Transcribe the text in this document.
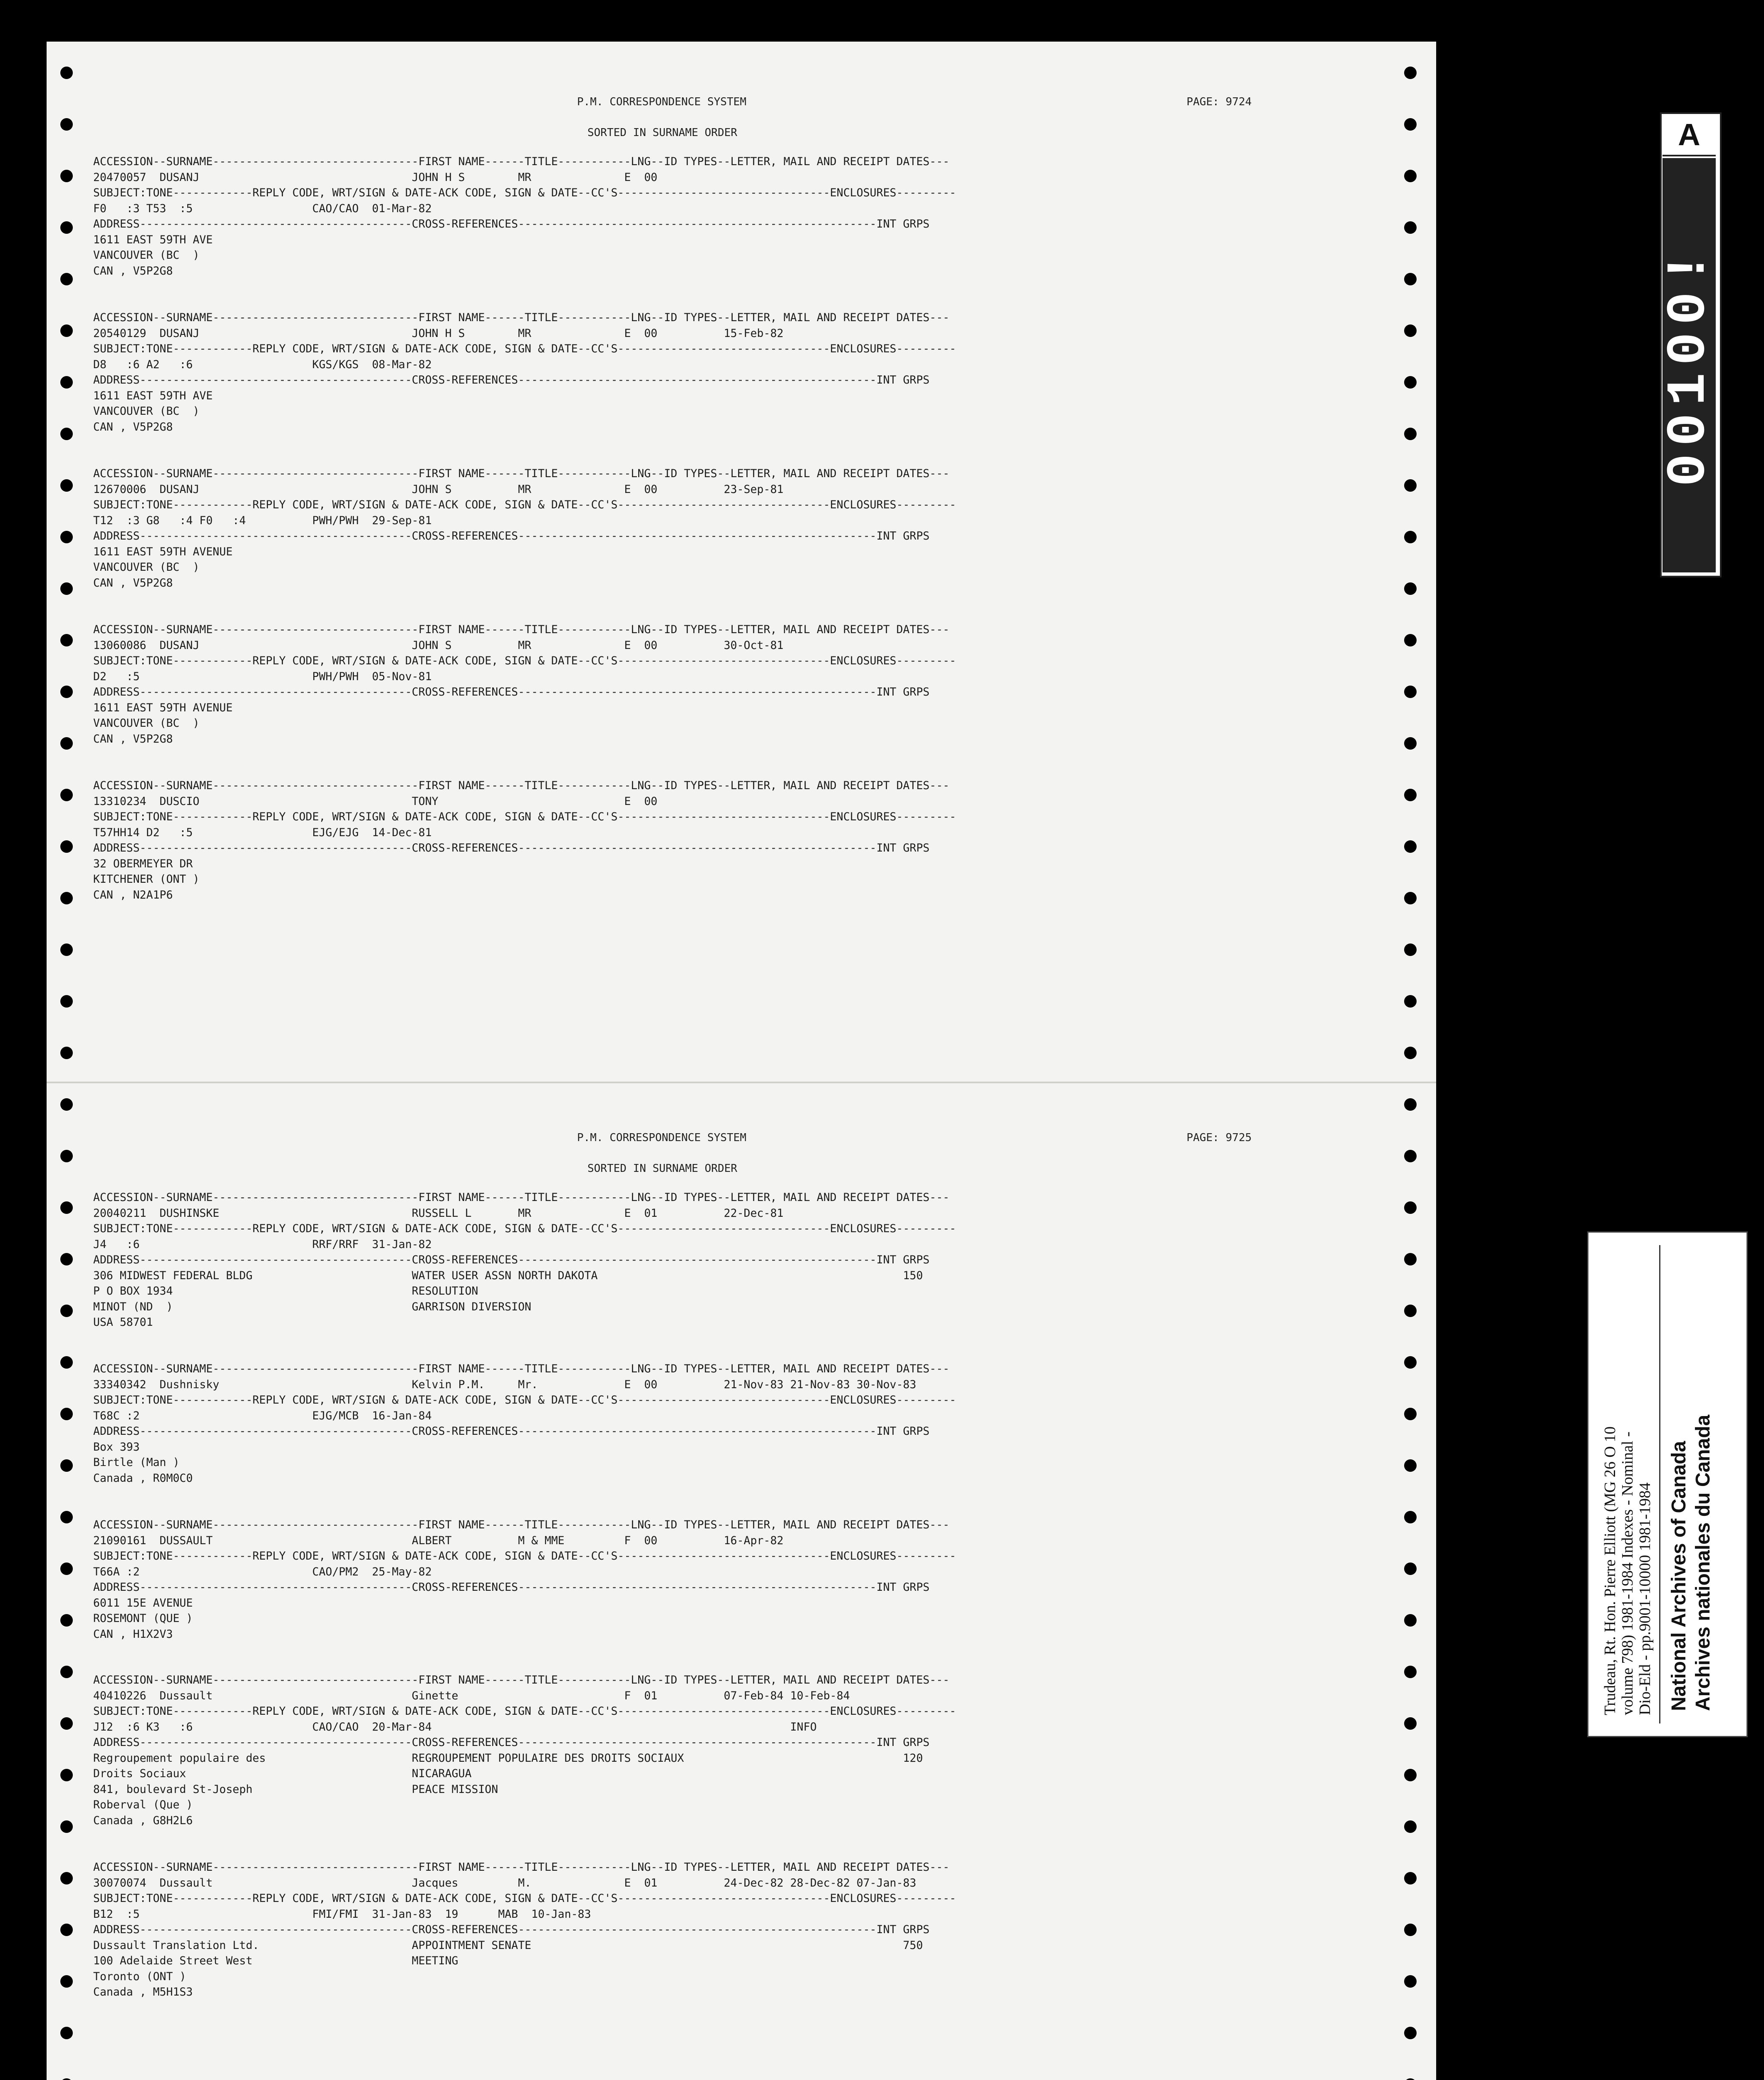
P.M. CORRESPONDENCE SYSTEM

	PAGE: 9724

SORTED IN SURNAME ORDER

ACCESSION--SURNAME-------------------------------FIRST NAME------TITLE-----------LNG--ID TYPES--LETTER, MAIL AND RECEIPT DATES---
20470057  DUSANJ                                JOHN H S        MR              E  00
SUBJECT:TONE------------REPLY CODE, WRT/SIGN & DATE-ACK CODE, SIGN & DATE--CC'S--------------------------------ENCLOSURES---------
F0   :3 T53  :5                  CAO/CAO  01-Mar-82
ADDRESS-----------------------------------------CROSS-REFERENCES------------------------------------------------------INT GRPS
1611 EAST 59TH AVE
VANCOUVER (BC  )
CAN , V5P2G8
ACCESSION--SURNAME-------------------------------FIRST NAME------TITLE-----------LNG--ID TYPES--LETTER, MAIL AND RECEIPT DATES---
20540129  DUSANJ                                JOHN H S        MR              E  00          15-Feb-82
SUBJECT:TONE------------REPLY CODE, WRT/SIGN & DATE-ACK CODE, SIGN & DATE--CC'S--------------------------------ENCLOSURES---------
D8   :6 A2   :6                  KGS/KGS  08-Mar-82
ADDRESS-----------------------------------------CROSS-REFERENCES------------------------------------------------------INT GRPS
1611 EAST 59TH AVE
VANCOUVER (BC  )
CAN , V5P2G8
ACCESSION--SURNAME-------------------------------FIRST NAME------TITLE-----------LNG--ID TYPES--LETTER, MAIL AND RECEIPT DATES---
12670006  DUSANJ                                JOHN S          MR              E  00          23-Sep-81
SUBJECT:TONE------------REPLY CODE, WRT/SIGN & DATE-ACK CODE, SIGN & DATE--CC'S--------------------------------ENCLOSURES---------
T12  :3 G8   :4 F0   :4          PWH/PWH  29-Sep-81
ADDRESS-----------------------------------------CROSS-REFERENCES------------------------------------------------------INT GRPS
1611 EAST 59TH AVENUE
VANCOUVER (BC  )
CAN , V5P2G8
ACCESSION--SURNAME-------------------------------FIRST NAME------TITLE-----------LNG--ID TYPES--LETTER, MAIL AND RECEIPT DATES---
13060086  DUSANJ                                JOHN S          MR              E  00          30-Oct-81
SUBJECT:TONE------------REPLY CODE, WRT/SIGN & DATE-ACK CODE, SIGN & DATE--CC'S--------------------------------ENCLOSURES---------
D2   :5                          PWH/PWH  05-Nov-81
ADDRESS-----------------------------------------CROSS-REFERENCES------------------------------------------------------INT GRPS
1611 EAST 59TH AVENUE
VANCOUVER (BC  )
CAN , V5P2G8
ACCESSION--SURNAME-------------------------------FIRST NAME------TITLE-----------LNG--ID TYPES--LETTER, MAIL AND RECEIPT DATES---
13310234  DUSCIO                                TONY                            E  00
SUBJECT:TONE------------REPLY CODE, WRT/SIGN & DATE-ACK CODE, SIGN & DATE--CC'S--------------------------------ENCLOSURES---------
T57HH14 D2   :5                  EJG/EJG  14-Dec-81
ADDRESS-----------------------------------------CROSS-REFERENCES------------------------------------------------------INT GRPS
32 OBERMEYER DR
KITCHENER (ONT )
CAN , N2A1P6

P.M. CORRESPONDENCE SYSTEM

	PAGE: 9725

SORTED IN SURNAME ORDER

ACCESSION--SURNAME-------------------------------FIRST NAME------TITLE-----------LNG--ID TYPES--LETTER, MAIL AND RECEIPT DATES---
20040211  DUSHINSKE                             RUSSELL L       MR              E  01          22-Dec-81
SUBJECT:TONE------------REPLY CODE, WRT/SIGN & DATE-ACK CODE, SIGN & DATE--CC'S--------------------------------ENCLOSURES---------
J4   :6                          RRF/RRF  31-Jan-82
ADDRESS-----------------------------------------CROSS-REFERENCES------------------------------------------------------INT GRPS
306 MIDWEST FEDERAL BLDG                        WATER USER ASSN NORTH DAKOTA                                              150
P O BOX 1934                                    RESOLUTION
MINOT (ND  )                                    GARRISON DIVERSION
USA 58701
ACCESSION--SURNAME-------------------------------FIRST NAME------TITLE-----------LNG--ID TYPES--LETTER, MAIL AND RECEIPT DATES---
33340342  Dushnisky                             Kelvin P.M.     Mr.             E  00          21-Nov-83 21-Nov-83 30-Nov-83
SUBJECT:TONE------------REPLY CODE, WRT/SIGN & DATE-ACK CODE, SIGN & DATE--CC'S--------------------------------ENCLOSURES---------
T68C :2                          EJG/MCB  16-Jan-84
ADDRESS-----------------------------------------CROSS-REFERENCES------------------------------------------------------INT GRPS
Box 393
Birtle (Man )
Canada , R0M0C0
ACCESSION--SURNAME-------------------------------FIRST NAME------TITLE-----------LNG--ID TYPES--LETTER, MAIL AND RECEIPT DATES---
21090161  DUSSAULT                              ALBERT          M & MME         F  00          16-Apr-82
SUBJECT:TONE------------REPLY CODE, WRT/SIGN & DATE-ACK CODE, SIGN & DATE--CC'S--------------------------------ENCLOSURES---------
T66A :2                          CAO/PM2  25-May-82
ADDRESS-----------------------------------------CROSS-REFERENCES------------------------------------------------------INT GRPS
6011 15E AVENUE
ROSEMONT (QUE )
CAN , H1X2V3
ACCESSION--SURNAME-------------------------------FIRST NAME------TITLE-----------LNG--ID TYPES--LETTER, MAIL AND RECEIPT DATES---
40410226  Dussault                              Ginette                         F  01          07-Feb-84 10-Feb-84
SUBJECT:TONE------------REPLY CODE, WRT/SIGN & DATE-ACK CODE, SIGN & DATE--CC'S--------------------------------ENCLOSURES---------
J12  :6 K3   :6                  CAO/CAO  20-Mar-84                                                      INFO
ADDRESS-----------------------------------------CROSS-REFERENCES------------------------------------------------------INT GRPS
Regroupement populaire des                      REGROUPEMENT POPULAIRE DES DROITS SOCIAUX                                 120
Droits Sociaux                                  NICARAGUA
841, boulevard St-Joseph                        PEACE MISSION
Roberval (Que )
Canada , G8H2L6
ACCESSION--SURNAME-------------------------------FIRST NAME------TITLE-----------LNG--ID TYPES--LETTER, MAIL AND RECEIPT DATES---
30070074  Dussault                              Jacques         M.              E  01          24-Dec-82 28-Dec-82 07-Jan-83
SUBJECT:TONE------------REPLY CODE, WRT/SIGN & DATE-ACK CODE, SIGN & DATE--CC'S--------------------------------ENCLOSURES---------
B12  :5                          FMI/FMI  31-Jan-83  19      MAB  10-Jan-83
ADDRESS-----------------------------------------CROSS-REFERENCES------------------------------------------------------INT GRPS
Dussault Translation Ltd.                       APPOINTMENT SENATE                                                        750
100 Adelaide Street West                        MEETING
Toronto (ONT )
Canada , M5H1S3
A
00100!
Trudeau, Rt. Hon. Pierre Elliott (MG 26 O 10 volume 798) 1981-1984 Indexes - Nominal - Dio-Eld - pp.9001-10000 1981-1984 National Archives of Canada Archives nationales du Canada
